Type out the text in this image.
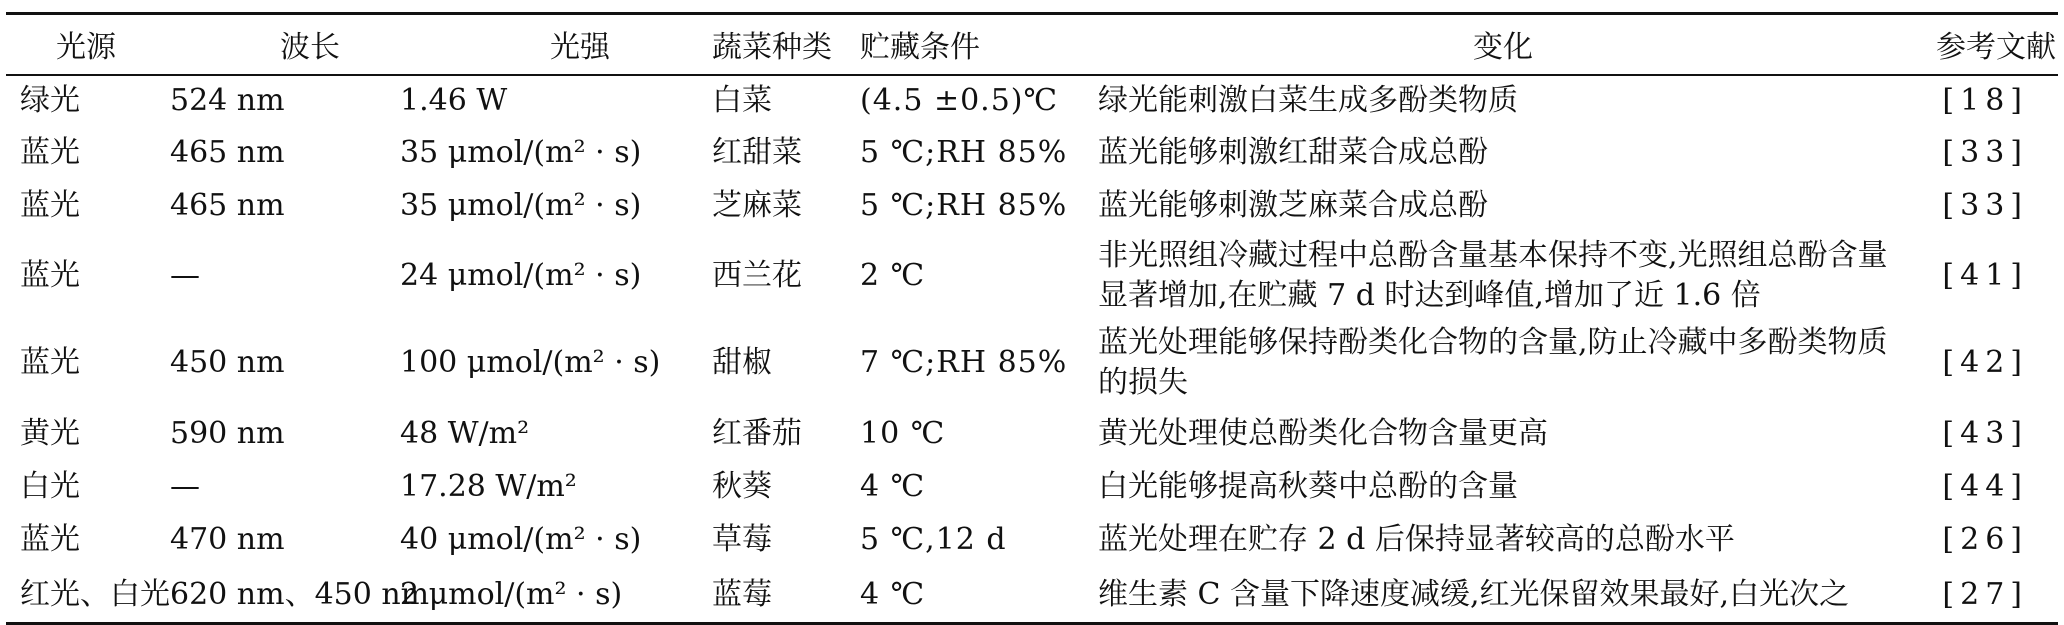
光源	波长	光强	蔬菜种类	贮藏条件	变化	参考文献
绿光	524 nm	1.46 W	白菜	(4.5 ±0.5)℃	绿光能刺激白菜生成多酚类物质	[18]
蓝光	465 nm	35 μmol/(m² · s)	红甜菜	5 ℃;RH 85%	蓝光能够刺激红甜菜合成总酚	[33]
蓝光	465 nm	35 μmol/(m² · s)	芝麻菜	5 ℃;RH 85%	蓝光能够刺激芝麻菜合成总酚	[33]
蓝光	—	24 μmol/(m² · s)	西兰花	2 ℃	非光照组冷藏过程中总酚含量基本保持不变,光照组总酚含量显著增加,在贮藏 7 d 时达到峰值,增加了近 1.6 倍	[41]
蓝光	450 nm	100 μmol/(m² · s)	甜椒	7 ℃;RH 85%	蓝光处理能够保持酚类化合物的含量,防止冷藏中多酚类物质的损失	[42]
黄光	590 nm	48 W/m²	红番茄	10 ℃	黄光处理使总酚类化合物含量更高	[43]
白光	—	17.28 W/m²	秋葵	4 ℃	白光能够提高秋葵中总酚的含量	[44]
蓝光	470 nm	40 μmol/(m² · s)	草莓	5 ℃,12 d	蓝光处理在贮存 2 d 后保持显著较高的总酚水平	[26]
红光、白光	620 nm、450 nm	2 μmol/(m² · s)	蓝莓	4 ℃	维生素 C 含量下降速度减缓,红光保留效果最好,白光次之	[27]
